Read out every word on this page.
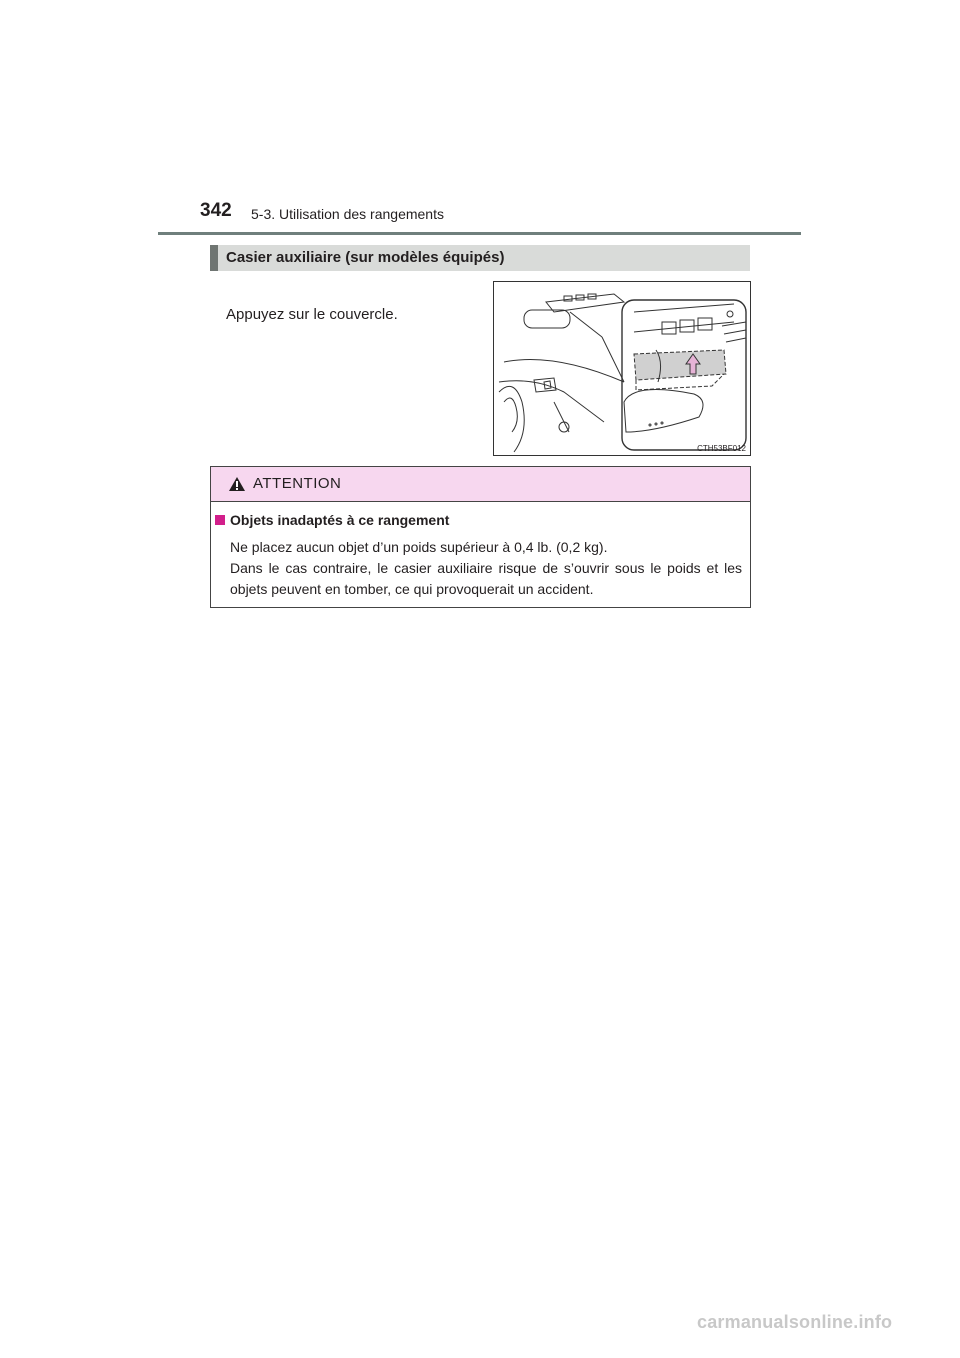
342 5-3. Utilisation des rangements
Casier auxiliaire (sur modèles équipés)
Appuyez sur le couvercle.
CTH53BF012
ATTENTION
Objets inadaptés à ce rangement

Ne placez aucun objet d’un poids supérieur à 0,4 lb. (0,2 kg).

Dans le cas contraire, le casier auxiliaire risque de s’ouvrir sous le poids et les objets peuvent en tomber, ce qui provoquerait un accident.

carmanualsonline.info
